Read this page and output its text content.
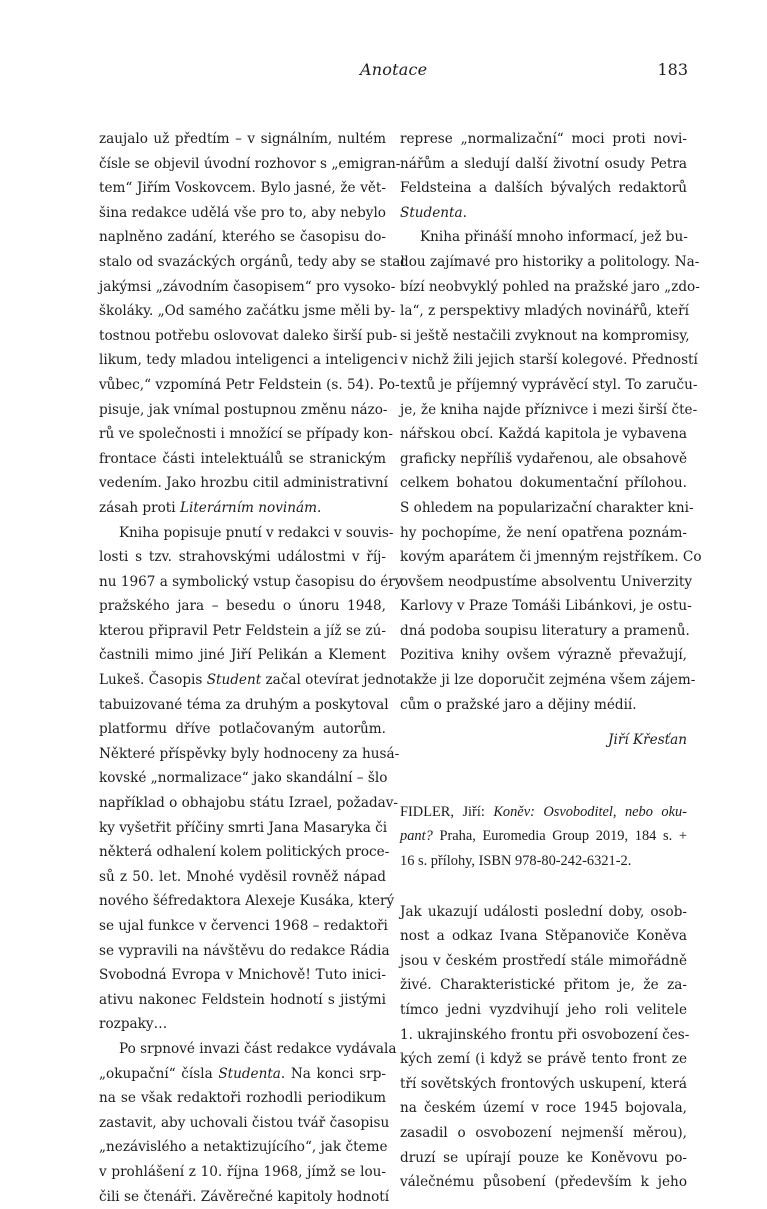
Anotace	183
zaujalo už předtím – v signálním, nultém
čísle se objevil úvodní rozhovor s „emigran-
tem“ Jiřím Voskovcem. Bylo jasné, že vět-
šina redakce udělá vše pro to, aby nebylo
naplněno zadání, kterého se časopisu do-
stalo od svazáckých orgánů, tedy aby se stal
jakýmsi „závodním časopisem“ pro vysoko-
školáky. „Od samého začátku jsme měli by-
tostnou potřebu oslovovat daleko širší pub-
likum, tedy mladou inteligenci a inteligenci
vůbec,“ vzpomíná Petr Feldstein (s. 54). Po-
pisuje, jak vnímal postupnou změnu názo-
rů ve společnosti i množící se případy kon-
frontace části intelektuálů se stranickým
vedením. Jako hrozbu citil administrativní
zásah proti Literárním novinám.
Kniha popisuje pnutí v redakci v souvis-
losti s tzv. strahovskými událostmi v říj-
nu 1967 a symbolický vstup časopisu do éry
pražského jara – besedu o únoru 1948,
kterou připravil Petr Feldstein a jíž se zú-
častnili mimo jiné Jiří Pelikán a Klement
Lukeš. Časopis Student začal otevírat jedno
tabuizované téma za druhým a poskytoval
platformu dříve potlačovaným autorům.
Některé příspěvky byly hodnoceny za husá-
kovské „normalizace“ jako skandální – šlo
například o obhajobu státu Izrael, požadav-
ky vyšetřit příčiny smrti Jana Masaryka či
některá odhalení kolem politických proce-
sů z 50. let. Mnohé vyděsil rovněž nápad
nového šéfredaktora Alexeje Kusáka, který
se ujal funkce v červenci 1968 – redaktoři
se vypravili na návštěvu do redakce Rádia
Svobodná Evropa v Mnichově! Tuto inici-
ativu nakonec Feldstein hodnotí s jistými
rozpaky…
Po srpnové invazi část redakce vydávala
„okupační“ čísla Studenta. Na konci srp-
na se však redaktoři rozhodli periodikum
zastavit, aby uchovali čistou tvář časopisu
„nezávislého a netaktizujícího“, jak čteme
v prohlášení z 10. října 1968, jímž se lou-
čili se čtenáři. Závěrečné kapitoly hodnotí
represe „normalizační“ moci proti novi-
nářům a sledují další životní osudy Petra
Feldsteina a dalších bývalých redaktorů
Studenta.
Kniha přináší mnoho informací, jež bu-
dou zajímavé pro historiky a politology. Na-
bízí neobvyklý pohled na pražské jaro „zdo-
la“, z perspektivy mladých novinářů, kteří
si ještě nestačili zvyknout na kompromisy,
v nichž žili jejich starší kolegové. Předností
textů je příjemný vyprávěcí styl. To zaruču-
je, že kniha najde příznivce i mezi širší čte-
nářskou obcí. Každá kapitola je vybavena
graficky nepříliš vydařenou, ale obsahově
celkem bohatou dokumentační přílohou.
S ohledem na popularizační charakter kni-
hy pochopíme, že není opatřena poznám-
kovým aparátem či jmenným rejstříkem. Co
ovšem neodpustíme absolventu Univerzity
Karlovy v Praze Tomáši Libánkovi, je ostu-
dná podoba soupisu literatury a pramenů.
Pozitiva knihy ovšem výrazně převažují,
takže ji lze doporučit zejména všem zájem-
cům o pražské jaro a dějiny médií.
Jiří Křesťan
FIDLER, Jiří: Koněv: Osvoboditel, nebo oku-
pant? Praha, Euromedia Group 2019, 184 s. +
16 s. přílohy, ISBN 978-80-242-6321-2.
Jak ukazují události poslední doby, osob-
nost a odkaz Ivana Stěpanoviče Koněva
jsou v českém prostředí stále mimořádně
živé. Charakteristické přitom je, že za-
tímco jedni vyzdvihují jeho roli velitele
1. ukrajinského frontu při osvobození čes-
kých zemí (i když se právě tento front ze
tří sovětských frontových uskupení, která
na českém území v roce 1945 bojovala,
zasadil o osvobození nejmenší měrou),
druzí se upírají pouze ke Koněvovu po-
válečnému působení (především k jeho
